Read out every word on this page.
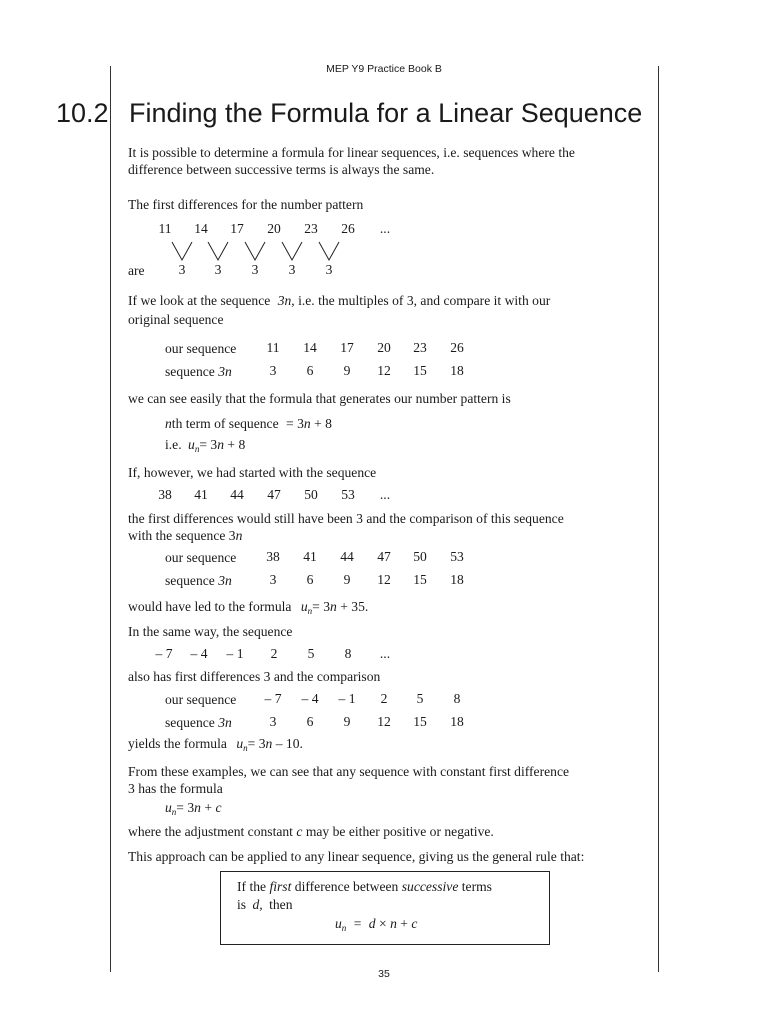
MEP Y9 Practice Book B
10.2 Finding the Formula for a Linear Sequence
It is possible to determine a formula for linear sequences, i.e. sequences where the
difference between successive terms is always the same.
The first differences for the number pattern
11	14	17	20	23	26	...
are	3	3	3	3	3
If we look at the sequence 3n, i.e. the multiples of 3, and compare it with our
original sequence
our sequence	11	14	17	20	23	26
sequence 3n	3	6	9	12	15	18
we can see easily that the formula that generates our number pattern is
nth term of sequence = 3n + 8
i.e. $u_n= 3n + 8$
If, however, we had started with the sequence
38	41	44	47	50	53	...
the first differences would still have been 3 and the comparison of this sequence
with the sequence 3n
our sequence	38	41	44	47	50	53
sequence 3n	3	6	9	12	15	18
would have led to the formula $u_n= 3n + 35$.
In the same way, the sequence
– 7	– 4	– 1	2	5	8	...
also has first differences 3 and the comparison
our sequence	– 7	– 4	– 1	2	5	8
sequence 3n	3	6	9	12	15	18
yields the formula $u_n= 3n - 10$.
From these examples, we can see that any sequence with constant first difference
3 has the formula
$u_n= 3n + c$
where the adjustment constant c may be either positive or negative.
This approach can be applied to any linear sequence, giving us the general rule that:
If the first difference between successive terms
is d, then
$u_n = d \times n + c$
35
